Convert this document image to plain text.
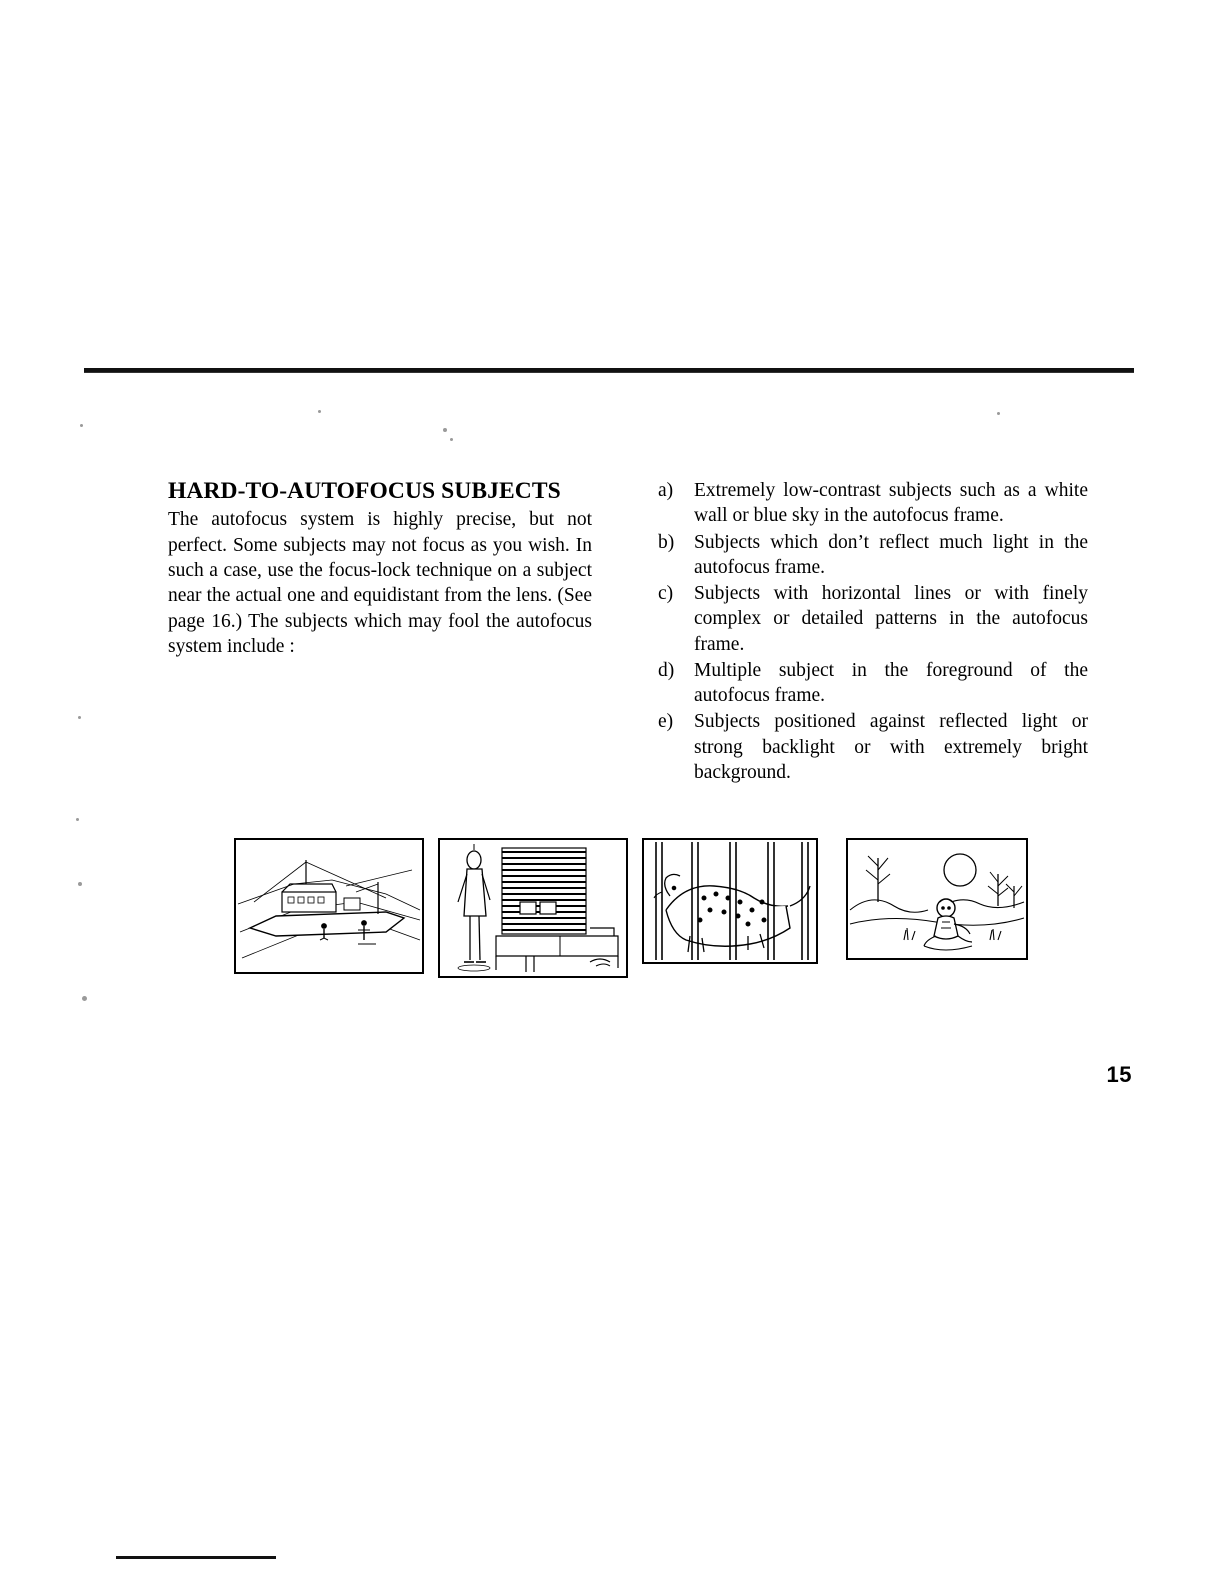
HARD-TO-AUTOFOCUS SUBJECTS

The autofocus system is highly precise, but not perfect. Some subjects may not focus as you wish. In such a case, use the focus-lock technique on a subject near the actual one and equidistant from the lens. (See page 16.) The subjects which may fool the autofocus system include :

a)	Extremely low-contrast subjects such as a white wall or blue sky in the autofocus frame.
b)	Subjects which don’t reflect much light in the autofocus frame.
c)	Subjects with horizontal lines or with finely complex or detailed patterns in the autofocus frame.
d)	Multiple subject in the foreground of the autofocus frame.
e)	Subjects positioned against reflected light or strong backlight or with extremely bright background.
15
